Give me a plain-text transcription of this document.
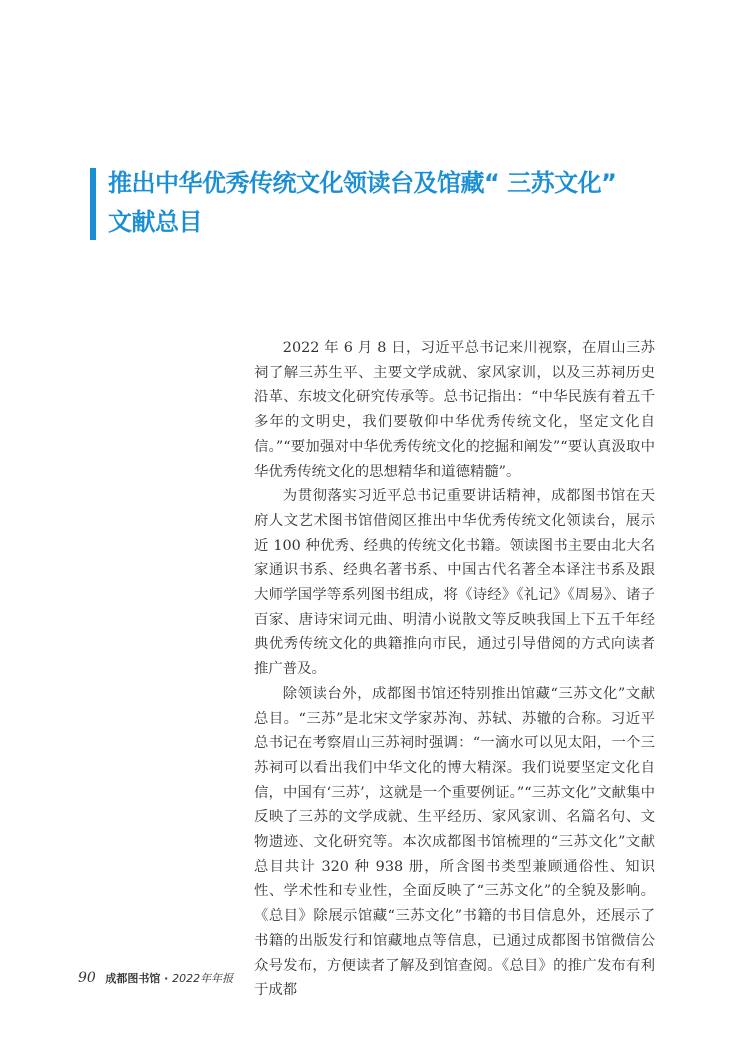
推出中华优秀传统文化领读台及馆藏“ 三苏文化”
文献总目

2022 年 6 月 8 日，习近平总书记来川视察，在眉山三苏祠了解三苏生平、主要文学成就、家风家训，以及三苏祠历史沿革、东坡文化研究传承等。总书记指出：“中华民族有着五千多年的文明史，我们要敬仰中华优秀传统文化，坚定文化自信。”“要加强对中华优秀传统文化的挖掘和阐发”“要认真汲取中华优秀传统文化的思想精华和道德精髓”。

为贯彻落实习近平总书记重要讲话精神，成都图书馆在天府人文艺术图书馆借阅区推出中华优秀传统文化领读台，展示近 100 种优秀、经典的传统文化书籍。领读图书主要由北大名家通识书系、经典名著书系、中国古代名著全本译注书系及跟大师学国学等系列图书组成，将《诗经》《礼记》《周易》、诸子百家、唐诗宋词元曲、明清小说散文等反映我国上下五千年经典优秀传统文化的典籍推向市民，通过引导借阅的方式向读者推广普及。

除领读台外，成都图书馆还特别推出馆藏“三苏文化”文献总目。“三苏”是北宋文学家苏洵、苏轼、苏辙的合称。习近平总书记在考察眉山三苏祠时强调：“一滴水可以见太阳，一个三苏祠可以看出我们中华文化的博大精深。我们说要坚定文化自信，中国有‘三苏’，这就是一个重要例证。”“三苏文化”文献集中反映了三苏的文学成就、生平经历、家风家训、名篇名句、文物遗迹、文化研究等。本次成都图书馆梳理的“三苏文化”文献总目共计 320 种 938 册，所含图书类型兼顾通俗性、知识性、学术性和专业性，全面反映了“三苏文化”的全貌及影响。《总目》除展示馆藏“三苏文化”书籍的书目信息外，还展示了书籍的出版发行和馆藏地点等信息，已通过成都图书馆微信公众号发布，方便读者了解及到馆查阅。《总目》的推广发布有利于成都

90 成都图书馆 · 2022年年报
